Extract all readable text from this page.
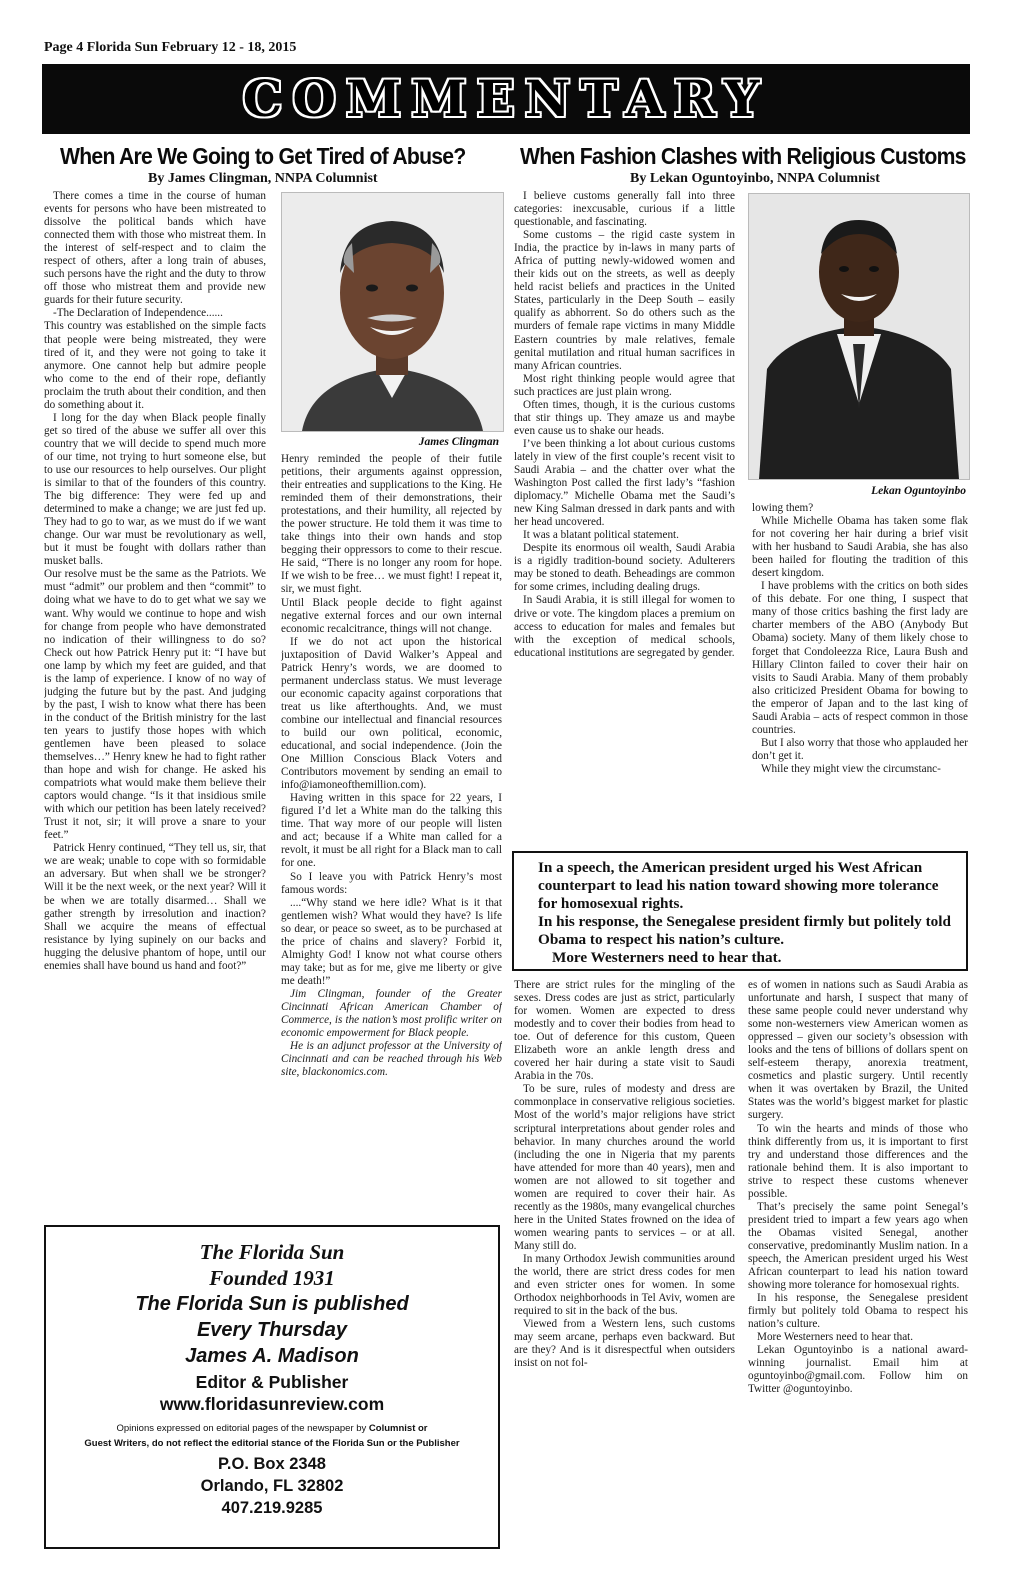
Page 4 Florida Sun February 12 - 18, 2015
COMMENTARY
When Are We Going to Get Tired of Abuse?
By James Clingman, NNPA Columnist

There comes a time in the course of human events for persons who have been mistreated to dissolve the political bands which have connected them with those who mistreat them. In the interest of self-respect and to claim the respect of others, after a long train of abuses, such persons have the right and the duty to throw off those who mistreat them and provide new guards for their future security.

-The Declaration of Independence......

This country was established on the simple facts that people were being mistreated, they were tired of it, and they were not going to take it anymore. One cannot help but admire people who come to the end of their rope, defiantly proclaim the truth about their condition, and then do something about it.

I long for the day when Black people finally get so tired of the abuse we suffer all over this country that we will decide to spend much more of our time, not trying to hurt someone else, but to use our resources to help ourselves. Our plight is similar to that of the founders of this country. The big difference: They were fed up and determined to make a change; we are just fed up. They had to go to war, as we must do if we want change. Our war must be revolutionary as well, but it must be fought with dollars rather than musket balls.

Our resolve must be the same as the Patriots. We must “admit” our problem and then “commit” to doing what we have to do to get what we say we want. Why would we continue to hope and wish for change from people who have demonstrated no indication of their willingness to do so? Check out how Patrick Henry put it: “I have but one lamp by which my feet are guided, and that is the lamp of experience. I know of no way of judging the future but by the past. And judging by the past, I wish to know what there has been in the conduct of the British ministry for the last ten years to justify those hopes with which gentlemen have been pleased to solace themselves…” Henry knew he had to fight rather than hope and wish for change. He asked his compatriots what would make them believe their captors would change. “Is it that insidious smile with which our petition has been lately received? Trust it not, sir; it will prove a snare to your feet.”

Patrick Henry continued, “They tell us, sir, that we are weak; unable to cope with so formidable an adversary. But when shall we be stronger? Will it be the next week, or the next year? Will it be when we are totally disarmed… Shall we gather strength by irresolution and inaction? Shall we acquire the means of effectual resistance by lying supinely on our backs and hugging the delusive phantom of hope, until our enemies shall have bound us hand and foot?”

James Clingman

Henry reminded the people of their futile petitions, their arguments against oppression, their entreaties and supplications to the King. He reminded them of their demonstrations, their protestations, and their humility, all rejected by the power structure. He told them it was time to take things into their own hands and stop begging their oppressors to come to their rescue. He said, “There is no longer any room for hope. If we wish to be free… we must fight! I repeat it, sir, we must fight.

Until Black people decide to fight against negative external forces and our own internal economic recalcitrance, things will not change.

If we do not act upon the historical juxtaposition of David Walker’s Appeal and Patrick Henry’s words, we are doomed to permanent underclass status. We must leverage our economic capacity against corporations that treat us like afterthoughts. And, we must combine our intellectual and financial resources to build our own political, economic, educational, and social independence. (Join the One Million Conscious Black Voters and Contributors movement by sending an email to info@iamoneofthemillion.com).

Having written in this space for 22 years, I figured I’d let a White man do the talking this time. That way more of our people will listen and act; because if a White man called for a revolt, it must be all right for a Black man to call for one.

So I leave you with Patrick Henry’s most famous words:

....“Why stand we here idle? What is it that gentlemen wish? What would they have? Is life so dear, or peace so sweet, as to be purchased at the price of chains and slavery? Forbid it, Almighty God! I know not what course others may take; but as for me, give me liberty or give me death!”

Jim Clingman, founder of the Greater Cincinnati African American Chamber of Commerce, is the nation’s most prolific writer on economic empowerment for Black people.

He is an adjunct professor at the University of Cincinnati and can be reached through his Web site, blackonomics.com.

When Fashion Clashes with Religious Customs
By Lekan Oguntoyinbo, NNPA Columnist

I believe customs generally fall into three categories: inexcusable, curious if a little questionable, and fascinating.

Some customs – the rigid caste system in India, the practice by in-laws in many parts of Africa of putting newly-widowed women and their kids out on the streets, as well as deeply held racist beliefs and practices in the United States, particularly in the Deep South – easily qualify as abhorrent. So do others such as the murders of female rape victims in many Middle Eastern countries by male relatives, female genital mutilation and ritual human sacrifices in many African countries.

Most right thinking people would agree that such practices are just plain wrong.

Often times, though, it is the curious customs that stir things up. They amaze us and maybe even cause us to shake our heads.

I’ve been thinking a lot about curious customs lately in view of the first couple’s recent visit to Saudi Arabia – and the chatter over what the Washington Post called the first lady’s “fashion diplomacy.” Michelle Obama met the Saudi’s new King Salman dressed in dark pants and with her head uncovered.

It was a blatant political statement.

Despite its enormous oil wealth, Saudi Arabia is a rigidly tradition-bound society. Adulterers may be stoned to death. Beheadings are common for some crimes, including dealing drugs.

In Saudi Arabia, it is still illegal for women to drive or vote. The kingdom places a premium on access to education for males and females but with the exception of medical schools, educational institutions are segregated by gender.

Lekan Oguntoyinbo

lowing them?

While Michelle Obama has taken some flak for not covering her hair during a brief visit with her husband to Saudi Arabia, she has also been hailed for flouting the tradition of this desert kingdom.

I have problems with the critics on both sides of this debate. For one thing, I suspect that many of those critics bashing the first lady are charter members of the ABO (Anybody But Obama) society. Many of them likely chose to forget that Condoleezza Rice, Laura Bush and Hillary Clinton failed to cover their hair on visits to Saudi Arabia. Many of them probably also criticized President Obama for bowing to the emperor of Japan and to the last king of Saudi Arabia – acts of respect common in those countries.

But I also worry that those who applauded her don’t get it.

While they might view the circumstanc-

In a speech, the American president urged his West African counterpart to lead his nation toward showing more tolerance for homosexual rights.

In his response, the Senegalese president firmly but politely told Obama to respect his nation’s culture.

More Westerners need to hear that.

There are strict rules for the mingling of the sexes. Dress codes are just as strict, particularly for women. Women are expected to dress modestly and to cover their bodies from head to toe. Out of deference for this custom, Queen Elizabeth wore an ankle length dress and covered her hair during a state visit to Saudi Arabia in the 70s.

To be sure, rules of modesty and dress are commonplace in conservative religious societies. Most of the world’s major religions have strict scriptural interpretations about gender roles and behavior. In many churches around the world (including the one in Nigeria that my parents have attended for more than 40 years), men and women are not allowed to sit together and women are required to cover their hair. As recently as the 1980s, many evangelical churches here in the United States frowned on the idea of women wearing pants to services – or at all. Many still do.

In many Orthodox Jewish communities around the world, there are strict dress codes for men and even stricter ones for women. In some Orthodox neighborhoods in Tel Aviv, women are required to sit in the back of the bus.

Viewed from a Western lens, such customs may seem arcane, perhaps even backward. But are they? And is it disrespectful when outsiders insist on not fol-

es of women in nations such as Saudi Arabia as unfortunate and harsh, I suspect that many of these same people could never understand why some non-westerners view American women as oppressed – given our society’s obsession with looks and the tens of billions of dollars spent on self-esteem therapy, anorexia treatment, cosmetics and plastic surgery. Until recently when it was overtaken by Brazil, the United States was the world’s biggest market for plastic surgery.

To win the hearts and minds of those who think differently from us, it is important to first try and understand those differences and the rationale behind them. It is also important to strive to respect these customs whenever possible.

That’s precisely the same point Senegal’s president tried to impart a few years ago when the Obamas visited Senegal, another conservative, predominantly Muslim nation. In a speech, the American president urged his West African counterpart to lead his nation toward showing more tolerance for homosexual rights.

In his response, the Senegalese president firmly but politely told Obama to respect his nation’s culture.

More Westerners need to hear that.

Lekan Oguntoyinbo is a national award-winning journalist. Email him at oguntoyinbo@gmail.com. Follow him on Twitter @oguntoyinbo.

The Florida Sun
Founded 1931
The Florida Sun is published
Every Thursday
James A. Madison
Editor & Publisher
www.floridasunreview.com
Opinions expressed on editorial pages of the newspaper by Columnist or
Guest Writers, do not reflect the editorial stance of the Florida Sun or the Publisher
P.O. Box 2348
Orlando, FL 32802
407.219.9285
